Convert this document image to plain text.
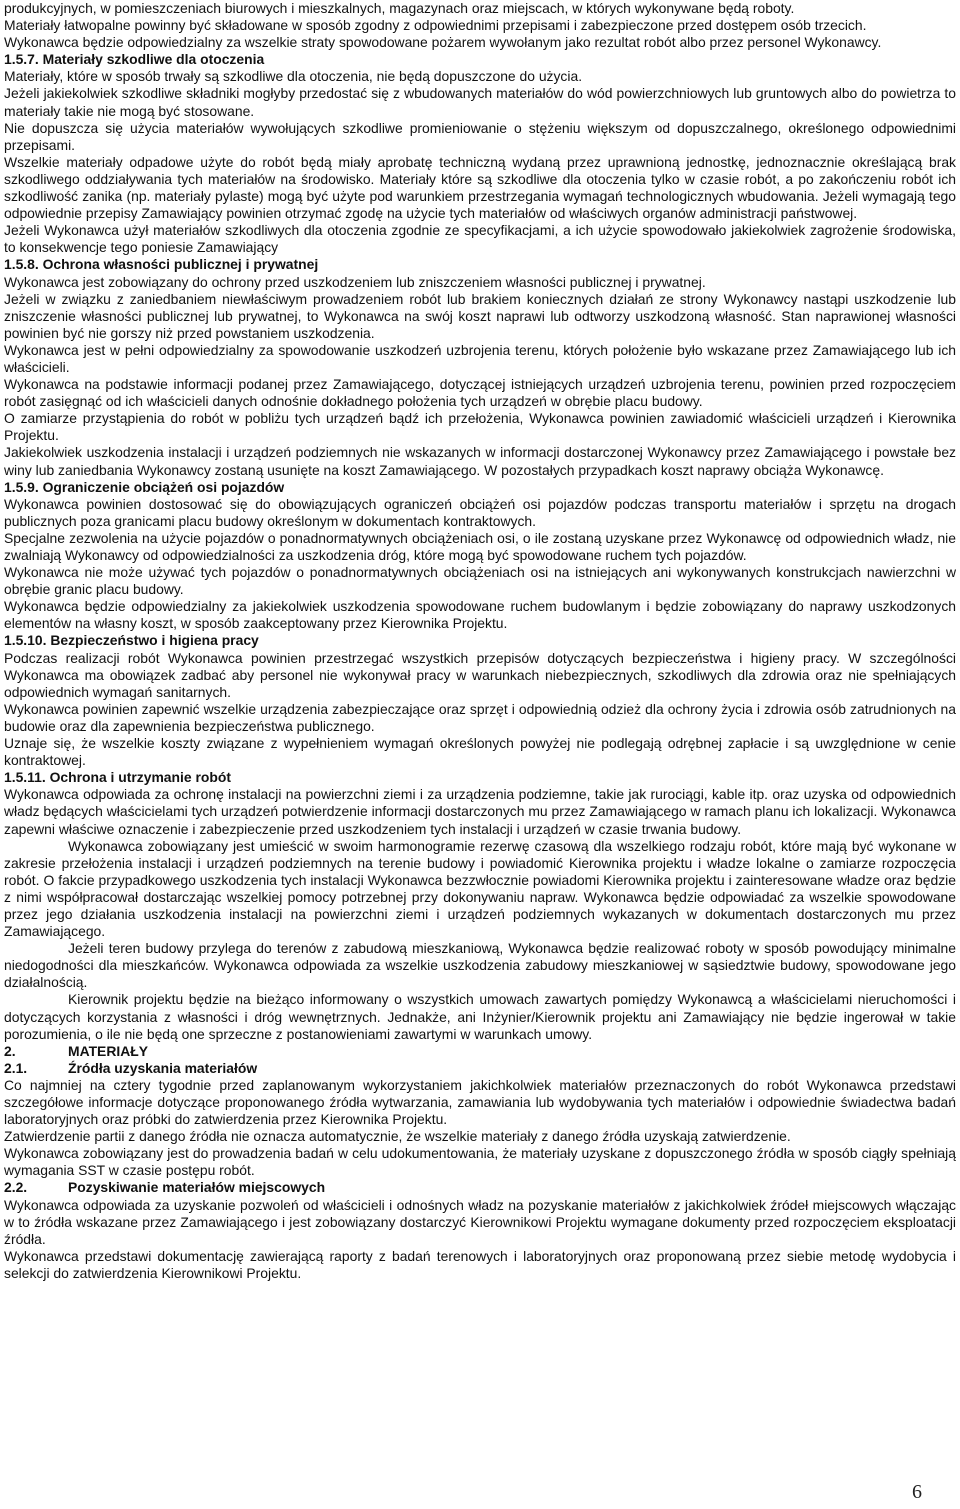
produkcyjnych, w pomieszczeniach biurowych i mieszkalnych, magazynach oraz miejscach, w których wykonywane będą roboty.

Materiały łatwopalne powinny być składowane w sposób zgodny z odpowiednimi przepisami i zabezpieczone przed dostępem osób trzecich.

Wykonawca będzie odpowiedzialny za wszelkie straty spowodowane pożarem wywołanym jako rezultat robót albo przez personel Wykonawcy.

1.5.7. Materiały szkodliwe dla otoczenia

Materiały, które w sposób trwały są szkodliwe dla otoczenia, nie będą dopuszczone do użycia.

Jeżeli jakiekolwiek szkodliwe składniki mogłyby przedostać się z wbudowanych materiałów do wód powierzchniowych lub gruntowych albo do powietrza to materiały takie nie mogą być stosowane.

Nie dopuszcza się użycia materiałów wywołujących szkodliwe promieniowanie o stężeniu większym od dopuszczalnego, określonego odpowiednimi przepisami.

Wszelkie materiały odpadowe użyte do robót będą miały aprobatę techniczną wydaną przez uprawnioną jednostkę, jednoznacznie określającą brak szkodliwego oddziaływania tych materiałów na środowisko. Materiały które są szkodliwe dla otoczenia tylko w czasie robót, a po zakończeniu robót ich szkodliwość zanika (np. materiały pylaste) mogą być użyte pod warunkiem przestrzegania wymagań technologicznych wbudowania. Jeżeli wymagają tego odpowiednie przepisy Zamawiający powinien otrzymać zgodę na użycie tych materiałów od właściwych organów administracji państwowej.

Jeżeli Wykonawca użył materiałów szkodliwych dla otoczenia zgodnie ze specyfikacjami, a ich użycie spowodowało jakiekolwiek zagrożenie środowiska, to konsekwencje tego poniesie Zamawiający

1.5.8. Ochrona własności publicznej i prywatnej

Wykonawca jest zobowiązany do ochrony przed uszkodzeniem lub zniszczeniem własności publicznej i prywatnej.

Jeżeli w związku z zaniedbaniem niewłaściwym prowadzeniem robót lub brakiem koniecznych działań ze strony Wykonawcy nastąpi uszkodzenie lub zniszczenie własności publicznej lub prywatnej, to Wykonawca na swój koszt naprawi lub odtworzy uszkodzoną własność. Stan naprawionej własności powinien być nie gorszy niż przed powstaniem uszkodzenia.

Wykonawca jest w pełni odpowiedzialny za spowodowanie uszkodzeń uzbrojenia terenu, których położenie było wskazane przez Zamawiającego lub ich właścicieli.

Wykonawca na podstawie informacji podanej przez Zamawiającego, dotyczącej istniejących urządzeń uzbrojenia terenu, powinien przed rozpoczęciem robót zasięgnąć od ich właścicieli danych odnośnie dokładnego położenia tych urządzeń w obrębie placu budowy.

O zamiarze przystąpienia do robót w pobliżu tych urządzeń bądź ich przełożenia, Wykonawca powinien zawiadomić właścicieli urządzeń i Kierownika Projektu.

Jakiekolwiek uszkodzenia instalacji i urządzeń podziemnych nie wskazanych w informacji dostarczonej Wykonawcy przez Zamawiającego i powstałe bez winy lub zaniedbania Wykonawcy zostaną usunięte na koszt Zamawiającego. W pozostałych przypadkach koszt naprawy obciąża Wykonawcę.

1.5.9. Ograniczenie obciążeń osi pojazdów

Wykonawca powinien dostosować się do obowiązujących ograniczeń obciążeń osi pojazdów podczas transportu materiałów i sprzętu na drogach publicznych poza granicami placu budowy określonym w dokumentach kontraktowych.

Specjalne zezwolenia na użycie pojazdów o ponadnormatywnych obciążeniach osi, o ile zostaną uzyskane przez Wykonawcę od odpowiednich władz, nie zwalniają Wykonawcy od odpowiedzialności za uszkodzenia dróg, które mogą być spowodowane ruchem tych pojazdów.

Wykonawca nie może używać tych pojazdów o ponadnormatywnych obciążeniach osi na istniejących ani wykonywanych konstrukcjach nawierzchni w obrębie granic placu budowy.

Wykonawca będzie odpowiedzialny za jakiekolwiek uszkodzenia spowodowane ruchem budowlanym i będzie zobowiązany do naprawy uszkodzonych elementów na własny koszt, w sposób zaakceptowany przez Kierownika Projektu.

1.5.10. Bezpieczeństwo i higiena pracy

Podczas realizacji robót Wykonawca powinien przestrzegać wszystkich przepisów dotyczących bezpieczeństwa i higieny pracy. W szczególności Wykonawca ma obowiązek zadbać aby personel nie wykonywał pracy w warunkach niebezpiecznych, szkodliwych dla zdrowia oraz nie spełniających odpowiednich wymagań sanitarnych.

Wykonawca powinien zapewnić wszelkie urządzenia zabezpieczające oraz sprzęt i odpowiednią odzież dla ochrony życia i zdrowia osób zatrudnionych na budowie oraz dla zapewnienia bezpieczeństwa publicznego.

Uznaje się, że wszelkie koszty związane z wypełnieniem wymagań określonych powyżej nie podlegają odrębnej zapłacie i są uwzględnione w cenie kontraktowej.

1.5.11. Ochrona i utrzymanie robót

Wykonawca odpowiada za ochronę instalacji na powierzchni ziemi i za urządzenia podziemne, takie jak rurociągi, kable itp. oraz uzyska od odpowiednich władz będących właścicielami tych urządzeń potwierdzenie informacji dostarczonych mu przez Zamawiającego w ramach planu ich lokalizacji. Wykonawca zapewni właściwe oznaczenie i zabezpieczenie przed uszkodzeniem tych instalacji i urządzeń w czasie trwania budowy.

Wykonawca zobowiązany jest umieścić w swoim harmonogramie rezerwę czasową dla wszelkiego rodzaju robót, które mają być wykonane w zakresie przełożenia instalacji i urządzeń podziemnych na terenie budowy i powiadomić Kierownika projektu i władze lokalne o zamiarze rozpoczęcia robót. O fakcie przypadkowego uszkodzenia tych instalacji Wykonawca bezzwłocznie powiadomi Kierownika projektu i zainteresowane władze oraz będzie z nimi współpracował dostarczając wszelkiej pomocy potrzebnej przy dokonywaniu napraw. Wykonawca będzie odpowiadać za wszelkie spowodowane przez jego działania uszkodzenia instalacji na powierzchni ziemi i urządzeń podziemnych wykazanych w dokumentach dostarczonych mu przez Zamawiającego.

Jeżeli teren budowy przylega do terenów z zabudową mieszkaniową, Wykonawca będzie realizować roboty w sposób powodujący minimalne niedogodności dla mieszkańców. Wykonawca odpowiada za wszelkie uszkodzenia zabudowy mieszkaniowej w sąsiedztwie budowy, spowodowane jego działalnością.

Kierownik projektu będzie na bieżąco informowany o wszystkich umowach zawartych pomiędzy Wykonawcą a właścicielami nieruchomości i dotyczących korzystania z własności i dróg wewnętrznych. Jednakże, ani Inżynier/Kierownik projektu ani Zamawiający nie będzie ingerował w takie porozumienia, o ile nie będą one sprzeczne z postanowieniami zawartymi w warunkach umowy.

2.	MATERIAŁY

2.1.	Źródła uzyskania materiałów

Co najmniej na cztery tygodnie przed zaplanowanym wykorzystaniem jakichkolwiek materiałów przeznaczonych do robót Wykonawca przedstawi szczegółowe informacje dotyczące proponowanego źródła wytwarzania, zamawiania lub wydobywania tych materiałów i odpowiednie świadectwa badań laboratoryjnych oraz próbki do zatwierdzenia przez Kierownika Projektu.

Zatwierdzenie partii z danego źródła nie oznacza automatycznie, że wszelkie materiały z danego źródła uzyskają zatwierdzenie.

Wykonawca zobowiązany jest do prowadzenia badań w celu udokumentowania, że materiały uzyskane z dopuszczonego źródła w sposób ciągły spełniają wymagania SST w czasie postępu robót.

2.2.	Pozyskiwanie materiałów miejscowych

Wykonawca odpowiada za uzyskanie pozwoleń od właścicieli i odnośnych władz na pozyskanie materiałów z jakichkolwiek źródeł miejscowych włączając w to źródła wskazane przez Zamawiającego i jest zobowiązany dostarczyć Kierownikowi Projektu wymagane dokumenty przed rozpoczęciem eksploatacji źródła.

Wykonawca przedstawi dokumentację zawierającą raporty z badań terenowych i laboratoryjnych oraz proponowaną przez siebie metodę wydobycia i selekcji do zatwierdzenia Kierownikowi Projektu.

6
